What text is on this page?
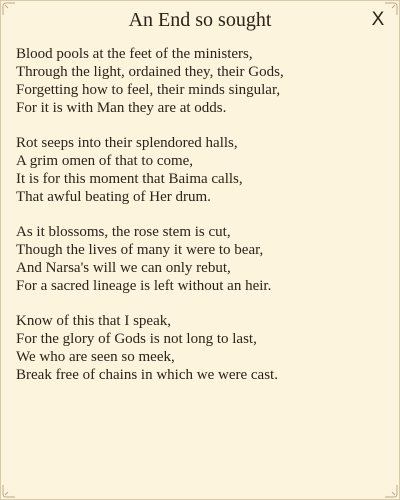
An End so sought	X
Blood pools at the feet of the ministers,
Through the light, ordained they, their Gods,
Forgetting how to feel, their minds singular,
For it is with Man they are at odds.
Rot seeps into their splendored halls,
A grim omen of that to come,
It is for this moment that Baima calls,
That awful beating of Her drum.
As it blossoms, the rose stem is cut,
Though the lives of many it were to bear,
And Narsa's will we can only rebut,
For a sacred lineage is left without an heir.
Know of this that I speak,
For the glory of Gods is not long to last,
We who are seen so meek,
Break free of chains in which we were cast.
